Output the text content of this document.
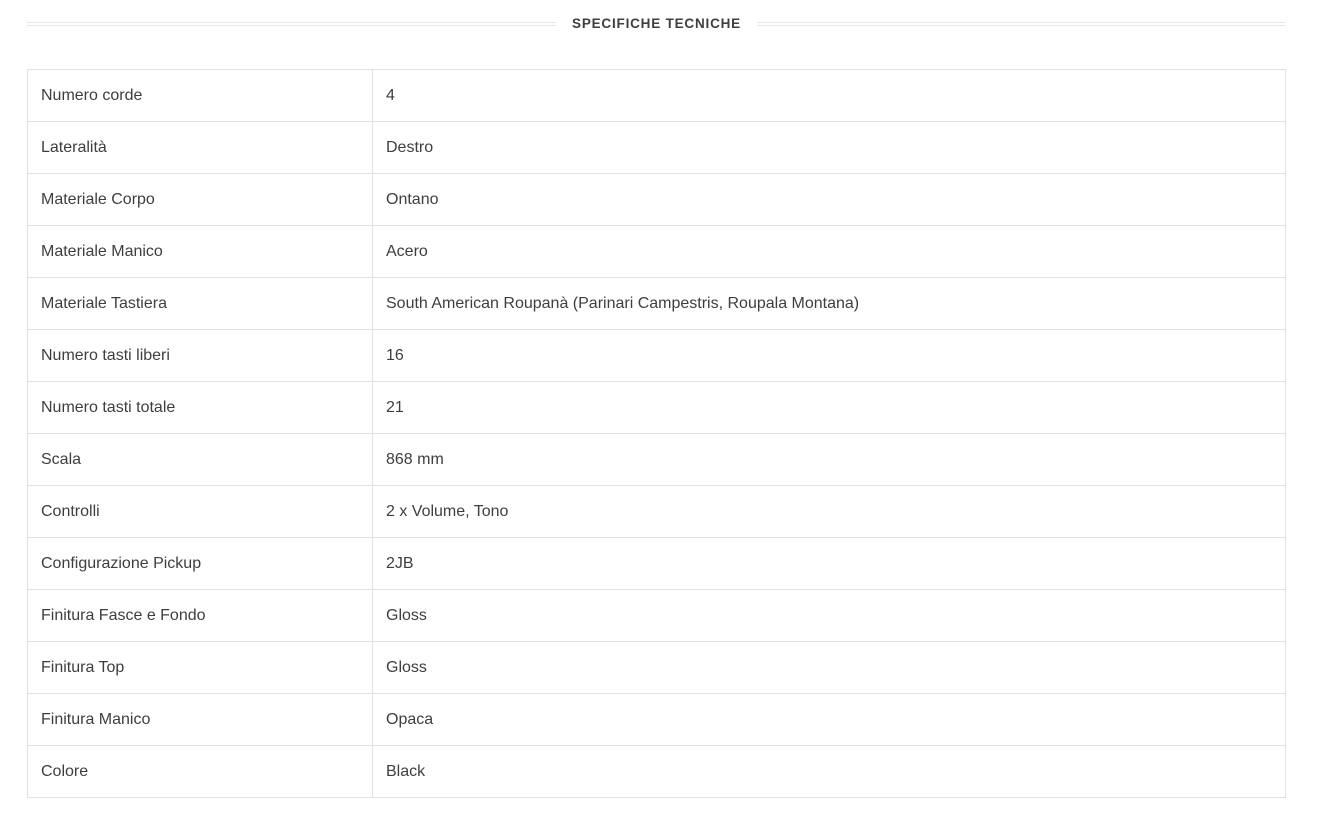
SPECIFICHE TECNICHE
Numero corde	4
Lateralità	Destro
Materiale Corpo	Ontano
Materiale Manico	Acero
Materiale Tastiera	South American Roupanà (Parinari Campestris, Roupala Montana)
Numero tasti liberi	16
Numero tasti totale	21
Scala	868 mm
Controlli	2 x Volume, Tono
Configurazione Pickup	2JB
Finitura Fasce e Fondo	Gloss
Finitura Top	Gloss
Finitura Manico	Opaca
Colore	Black
